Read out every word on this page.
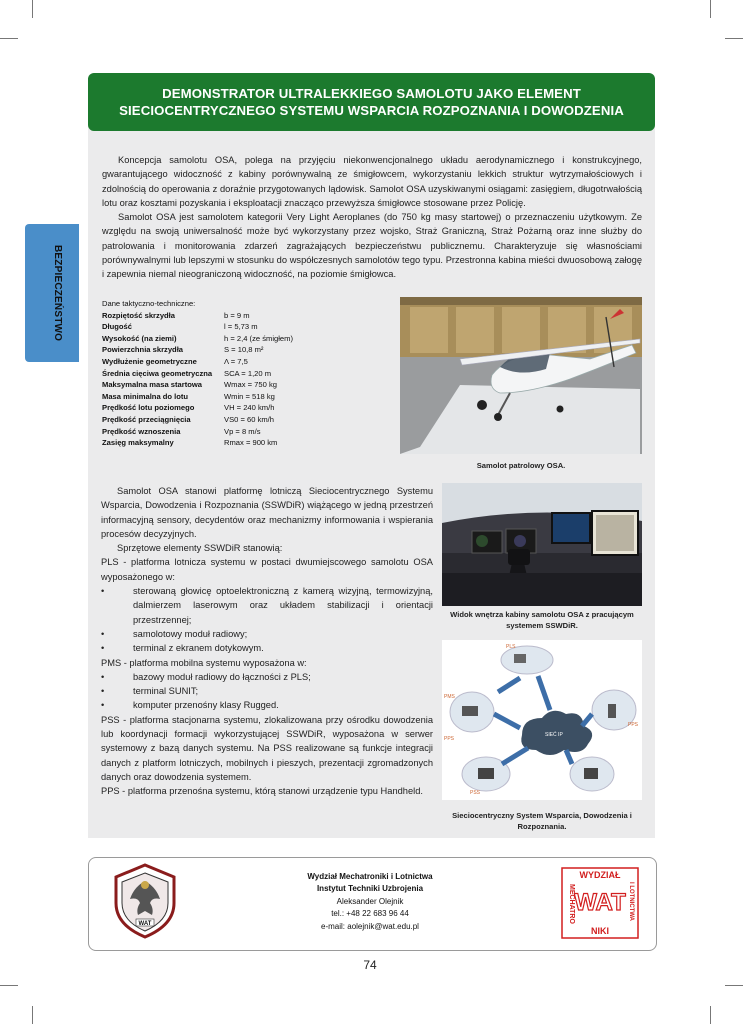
BEZPIECZEŃSTWO
DEMONSTRATOR ULTRALEKKIEGO SAMOLOTU JAKO ELEMENT
SIECIOCENTRYCZNEGO SYSTEMU WSPARCIA ROZPOZNANIA I DOWODZENIA

Koncepcja samolotu OSA, polega na przyjęciu niekonwencjonalnego układu aerodynamicznego i konstrukcyjnego, gwarantującego widoczność z kabiny porównywalną ze śmigłowcem, wykorzystaniu lekkich struktur wytrzymałościowych i zdolnością do operowania z doraźnie przygotowanych lądowisk. Samolot OSA uzyskiwanymi osiągami: zasięgiem, długotrwałością lotu oraz kosztami pozyskania i eksploatacji znacząco przewyższa śmigłowce stosowane przez Policję.

Samolot OSA jest samolotem kategorii Very Light Aeroplanes (do 750 kg masy startowej) o przeznaczeniu użytkowym. Ze względu na swoją uniwersalność może być wykorzystany przez wojsko, Straż Graniczną, Straż Pożarną oraz inne służby do patrolowania i monitorowania zdarzeń zagrażających bezpieczeństwu publicznemu. Charakteryzuje się własnościami porównywalnymi lub lepszymi w stosunku do współczesnych samolotów tego typu. Przestronna kabina mieści dwuosobową załogę i zapewnia niemal nieograniczoną widoczność, na poziomie śmigłowca.

Dane taktyczno-techniczne:
Rozpiętość skrzydła	b = 9 m
Długość	l = 5,73 m
Wysokość (na ziemi)	h = 2,4 (ze śmigłem)
Powierzchnia skrzydła	S = 10,8 m²
Wydłużenie geometryczne	Λ = 7,5
Średnia cięciwa geometryczna	SCA = 1,20 m
Maksymalna masa startowa	Wmax = 750 kg
Masa minimalna do lotu	Wmin = 518 kg
Prędkość lotu poziomego	VH = 240 km/h
Prędkość przeciągnięcia	VS0 = 60 km/h
Prędkość wznoszenia	Vp = 8 m/s
Zasięg maksymalny	Rmax = 900 km
Samolot patrolowy OSA.
Widok wnętrza kabiny samolotu OSA z pracującym systemem SSWDiR.
SIEĆ IP
PLS
PMS
PPS
PPS
PSS
Sieciocentryczny System Wsparcia, Dowodzenia i Rozpoznania.

Samolot OSA stanowi platformę lotniczą Sieciocentrycznego Systemu Wsparcia, Dowodzenia i Rozpoznania (SSWDiR) wiążącego w jedną przestrzeń informacyjną sensory, decydentów oraz mechanizmy informowania i wspierania procesów decyzyjnych.

Sprzętowe elementy SSWDiR stanowią:

PLS - platforma lotnicza systemu w postaci dwumiejscowego samolotu OSA wyposażonego w:

•	sterowaną głowicę optoelektroniczną z kamerą wizyjną, termowizyjną, dalmierzem laserowym oraz układem stabilizacji i orientacji przestrzennej;
•	samolotowy moduł radiowy;
•	terminal z ekranem dotykowym.

PMS - platforma mobilna systemu wyposażona w:

•	bazowy moduł radiowy do łączności z PLS;
•	terminal SUNIT;
•	komputer przenośny klasy Rugged.

PSS - platforma stacjonarna systemu, zlokalizowana przy ośrodku dowodzenia lub koordynacji formacji wykorzystującej SSWDiR, wyposażona w serwer systemowy z bazą danych systemu. Na PSS realizowane są funkcje integracji danych z platform lotniczych, mobilnych i pieszych, prezentacji zgromadzonych danych oraz dowodzenia systemem.

PPS - platforma przenośna systemu, którą stanowi urządzenie typu Handheld.

WAT
Wydział Mechatroniki i Lotnictwa
Instytut Techniki Uzbrojenia
Aleksander Olejnik
tel.: +48 22 683 96 44
e-mail: aolejnik@wat.edu.pl
WYDZIAŁ
WAT
MECHATRO
NIKI
I LOTNICTWA
74
